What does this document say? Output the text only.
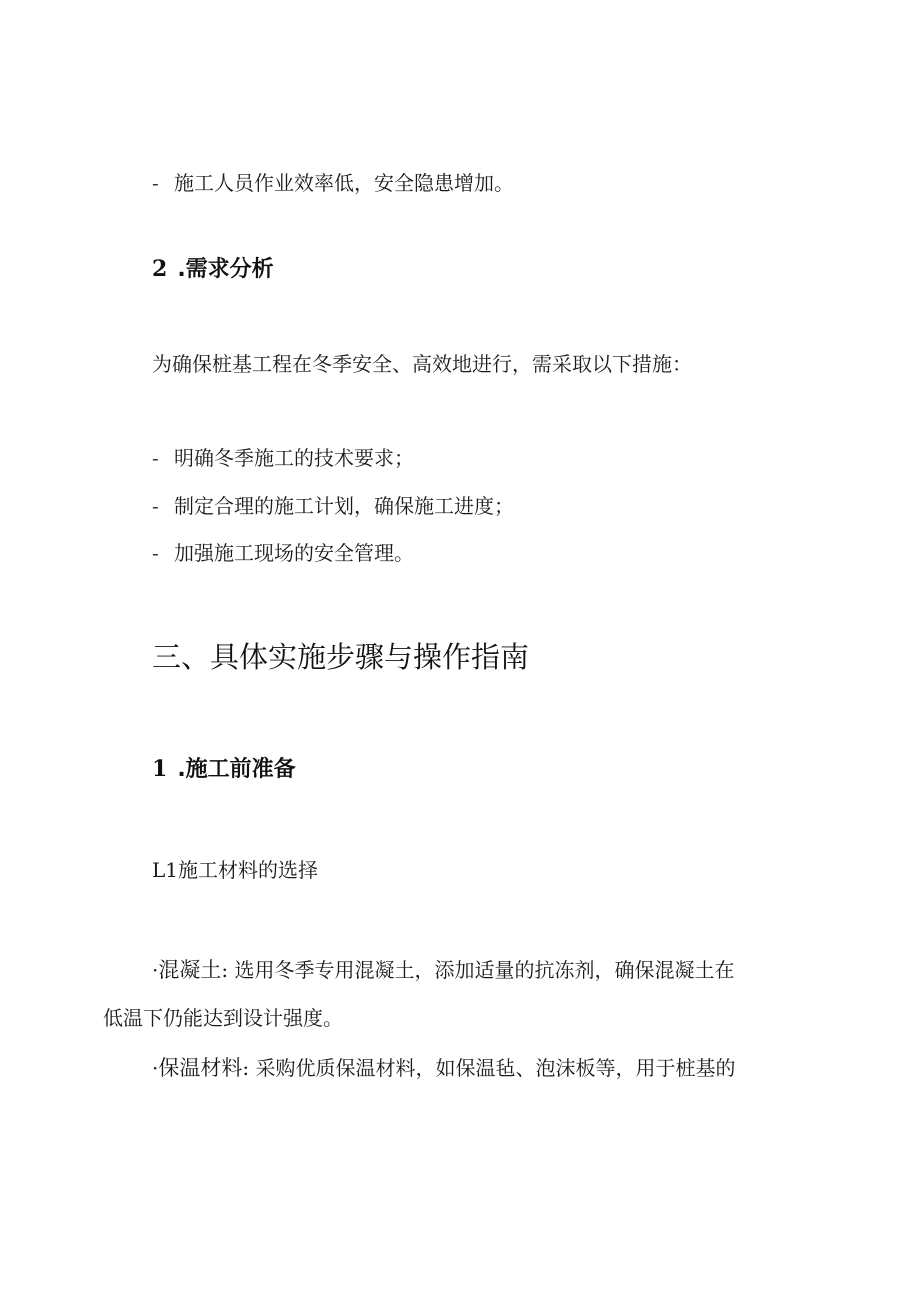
- 施工人员作业效率低，安全隐患增加。
2 .需求分析
为确保桩基工程在冬季安全、高效地进行，需采取以下措施：
- 明确冬季施工的技术要求；
- 制定合理的施工计划，确保施工进度；
- 加强施工现场的安全管理。
三、具体实施步骤与操作指南
1 .施工前准备
L1施工材料的选择
·混凝土: 选用冬季专用混凝土，添加适量的抗冻剂，确保混凝土在
低温下仍能达到设计强度。
·保温材料: 采购优质保温材料，如保温毡、泡沫板等，用于桩基的
